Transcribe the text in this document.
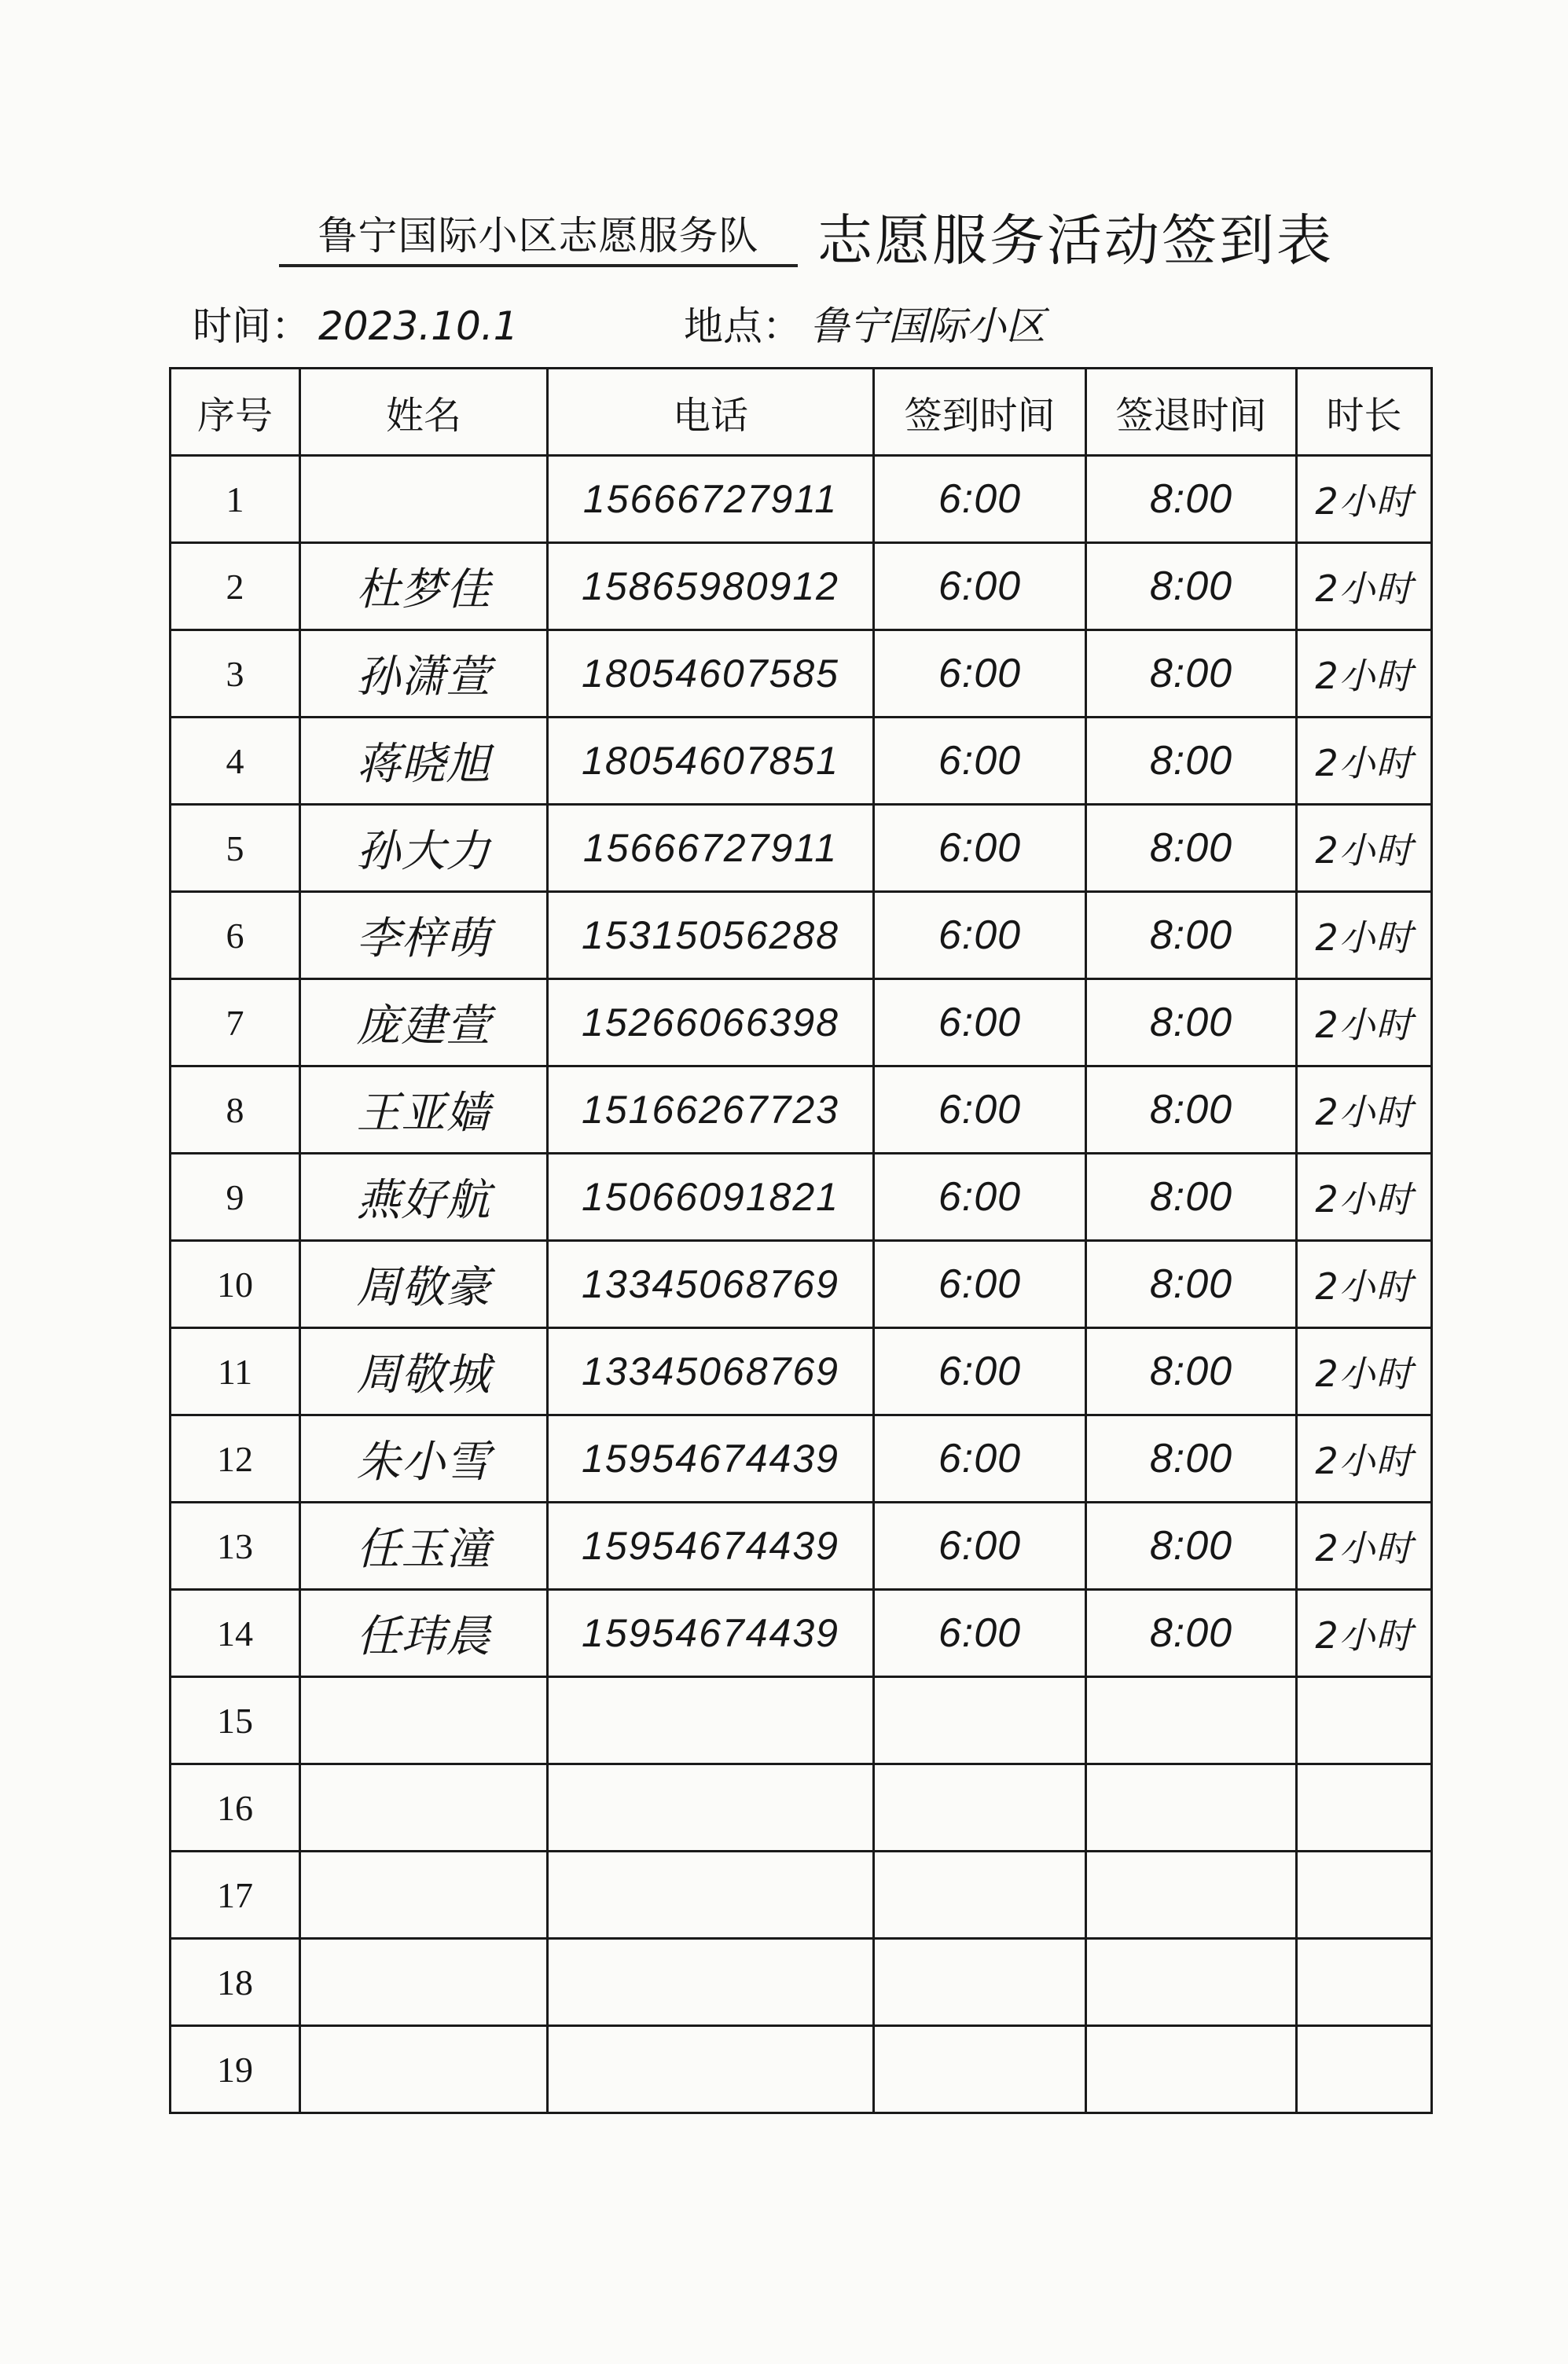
鲁宁国际小区志愿服务队	志愿服务活动签到表
时间： 2023.10.1	地点： 鲁宁国际小区
序号	姓名	电话	签到时间	签退时间	时长
1		15666727911	6:00	8:00	2小时
2	杜梦佳	15865980912	6:00	8:00	2小时
3	孙潇萱	18054607585	6:00	8:00	2小时
4	蒋晓旭	18054607851	6:00	8:00	2小时
5	孙大力	15666727911	6:00	8:00	2小时
6	李梓萌	15315056288	6:00	8:00	2小时
7	庞建萱	15266066398	6:00	8:00	2小时
8	王亚嫱	15166267723	6:00	8:00	2小时
9	燕好航	15066091821	6:00	8:00	2小时
10	周敬豪	13345068769	6:00	8:00	2小时
11	周敬城	13345068769	6:00	8:00	2小时
12	朱小雪	15954674439	6:00	8:00	2小时
13	任玉潼	15954674439	6:00	8:00	2小时
14	任玮晨	15954674439	6:00	8:00	2小时
15					
16					
17					
18					
19					
